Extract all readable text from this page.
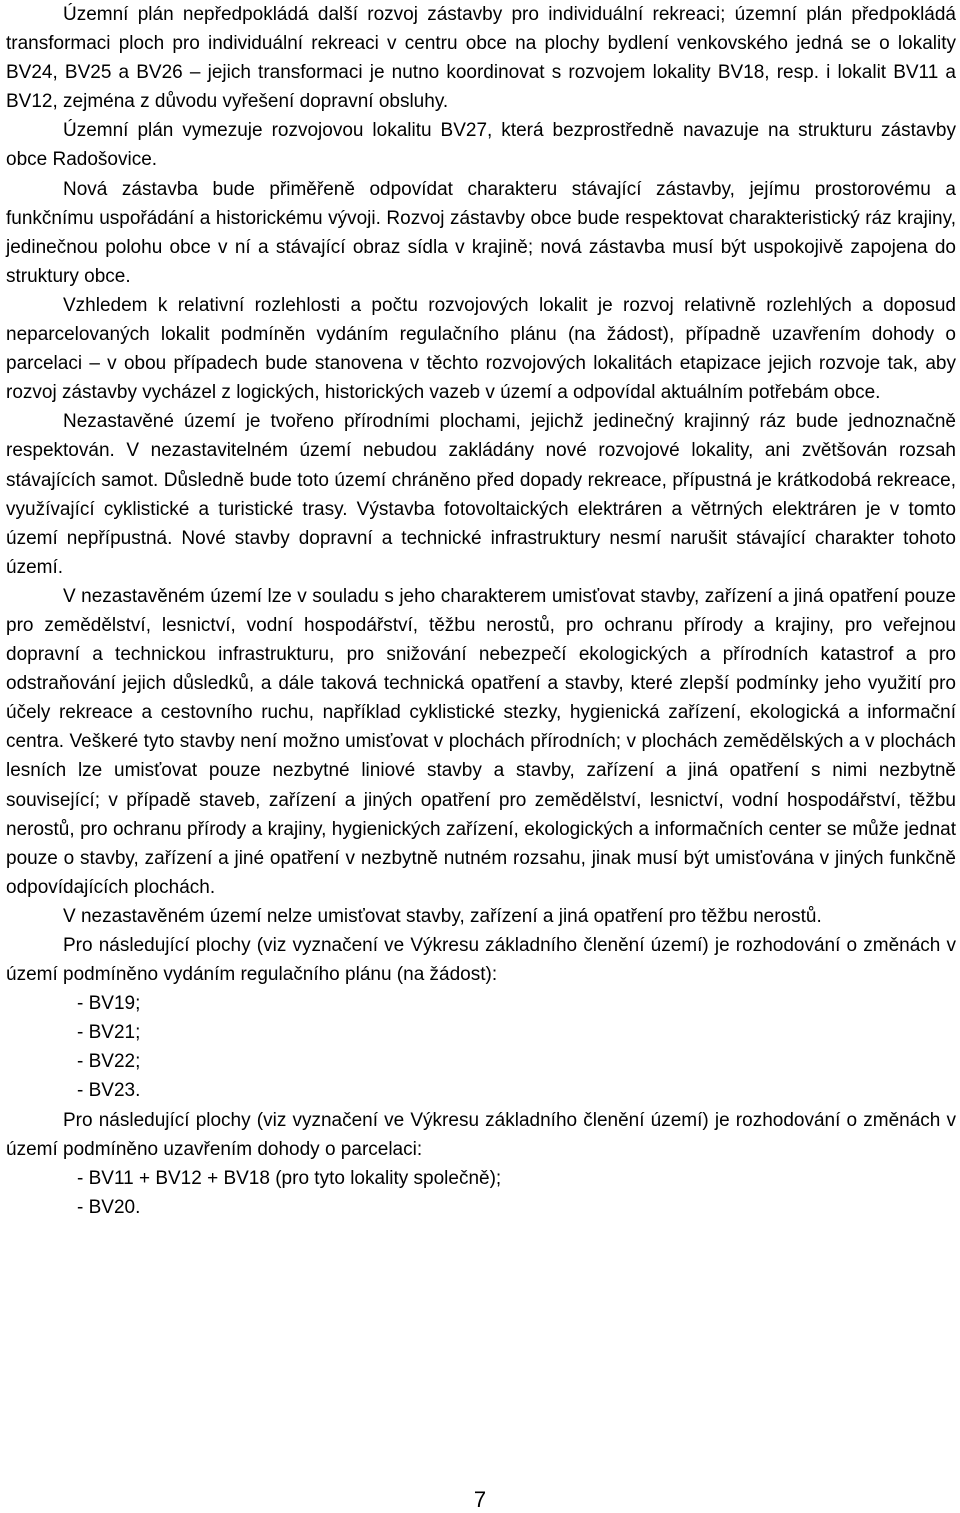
Územní plán nepředpokládá další rozvoj zástavby pro individuální rekreaci; územní plán předpokládá transformaci ploch pro individuální rekreaci v centru obce na plochy bydlení venkovského jedná se o lokality BV24, BV25 a BV26 – jejich transformaci je nutno koordinovat s rozvojem lokality BV18, resp. i lokalit BV11 a BV12, zejména z důvodu vyřešení dopravní obsluhy.

Územní plán vymezuje rozvojovou lokalitu BV27, která bezprostředně navazuje na strukturu zástavby obce Radošovice.

Nová zástavba bude přiměřeně odpovídat charakteru stávající zástavby, jejímu prostorovému a funkčnímu uspořádání a historickému vývoji. Rozvoj zástavby obce bude respektovat charakteristický ráz krajiny, jedinečnou polohu obce v ní a stávající obraz sídla v krajině; nová zástavba musí být uspokojivě zapojena do struktury obce.

Vzhledem k relativní rozlehlosti a počtu rozvojových lokalit je rozvoj relativně rozlehlých a doposud neparcelovaných lokalit podmíněn vydáním regulačního plánu (na žádost), případně uzavřením dohody o parcelaci – v obou případech bude stanovena v těchto rozvojových lokalitách etapizace jejich rozvoje tak, aby rozvoj zástavby vycházel z logických, historických vazeb v území a odpovídal aktuálním potřebám obce.

Nezastavěné území je tvořeno přírodními plochami, jejichž jedinečný krajinný ráz bude jednoznačně respektován. V nezastavitelném území nebudou zakládány nové rozvojové lokality, ani zvětšován rozsah stávajících samot. Důsledně bude toto území chráněno před dopady rekreace, přípustná je krátkodobá rekreace, využívající cyklistické a turistické trasy. Výstavba fotovoltaických elektráren a větrných elektráren je v tomto území nepřípustná. Nové stavby dopravní a technické infrastruktury nesmí narušit stávající charakter tohoto území.

V nezastavěném území lze v souladu s jeho charakterem umisťovat stavby, zařízení a jiná opatření pouze pro zemědělství, lesnictví, vodní hospodářství, těžbu nerostů, pro ochranu přírody a krajiny, pro veřejnou dopravní a technickou infrastrukturu, pro snižování nebezpečí ekologických a přírodních katastrof a pro odstraňování jejich důsledků, a dále taková technická opatření a stavby, které zlepší podmínky jeho využití pro účely rekreace a cestovního ruchu, například cyklistické stezky, hygienická zařízení, ekologická a informační centra. Veškeré tyto stavby není možno umisťovat v plochách přírodních; v plochách zemědělských a v plochách lesních lze umisťovat pouze nezbytné liniové stavby a stavby, zařízení a jiná opatření s nimi nezbytně související; v případě staveb, zařízení a jiných opatření pro zemědělství, lesnictví, vodní hospodářství, těžbu nerostů, pro ochranu přírody a krajiny, hygienických zařízení, ekologických a informačních center se může jednat pouze o stavby, zařízení a jiné opatření v nezbytně nutném rozsahu, jinak musí být umisťována v jiných funkčně odpovídajících plochách.

V nezastavěném území nelze umisťovat stavby, zařízení a jiná opatření pro těžbu nerostů.

Pro následující plochy (viz vyznačení ve Výkresu základního členění území) je rozhodování o změnách v území podmíněno vydáním regulačního plánu (na žádost):

- BV19;
- BV21;
- BV22;
- BV23.

Pro následující plochy (viz vyznačení ve Výkresu základního členění území) je rozhodování o změnách v území podmíněno uzavřením dohody o parcelaci:

- BV11 + BV12 + BV18 (pro tyto lokality společně);
- BV20.
7
